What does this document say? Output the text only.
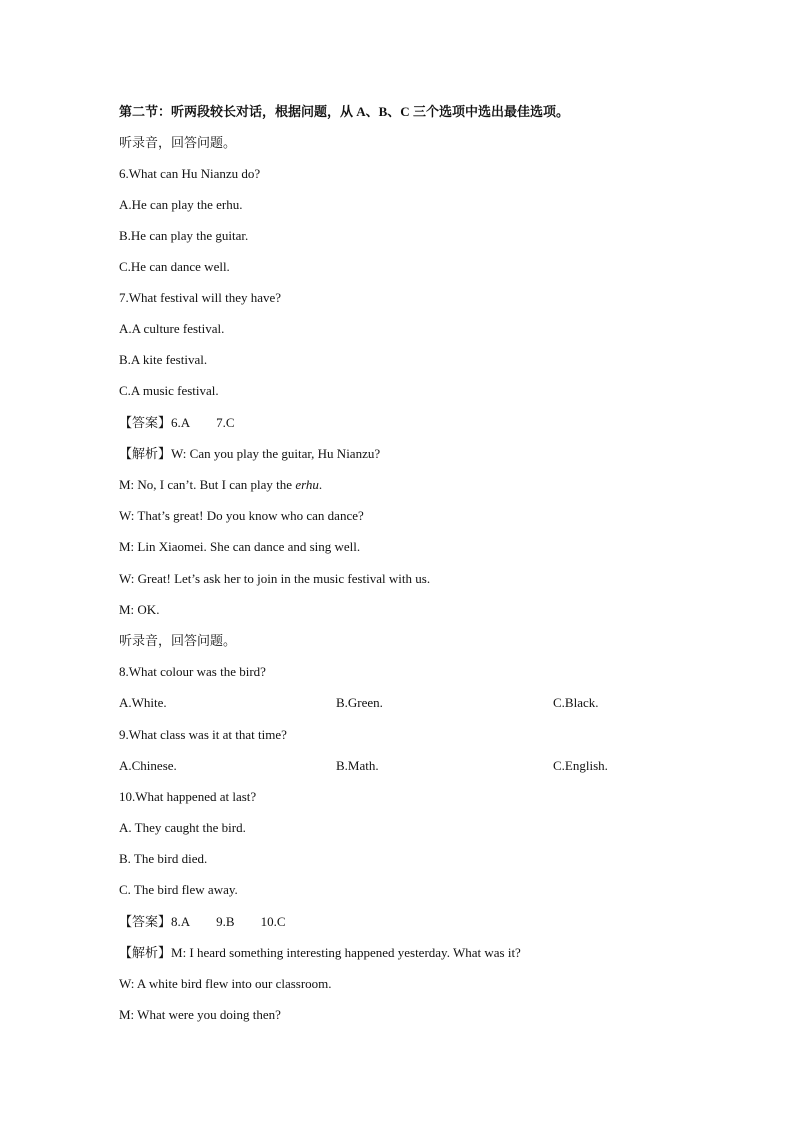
第二节：听两段较长对话，根据问题，从 A、B、C 三个选项中选出最佳选项。
听录音，回答问题。
6.What can Hu Nianzu do?
A.He can play the erhu.
B.He can play the guitar.
C.He can dance well.
7.What festival will they have?
A.A culture festival.
B.A kite festival.
C.A music festival.
【答案】6.A 7.C
【解析】W: Can you play the guitar, Hu Nianzu?
M: No, I can’t. But I can play the erhu.
W: That’s great! Do you know who can dance?
M: Lin Xiaomei. She can dance and sing well.
W: Great! Let’s ask her to join in the music festival with us.
M: OK.
听录音，回答问题。
8.What colour was the bird?
A.White.	B.Green.	C.Black.
9.What class was it at that time?
A.Chinese.	B.Math.	C.English.
10.What happened at last?
A. They caught the bird.
B. The bird died.
C. The bird flew away.
【答案】8.A 9.B 10.C
【解析】M: I heard something interesting happened yesterday. What was it?
W: A white bird flew into our classroom.
M: What were you doing then?
